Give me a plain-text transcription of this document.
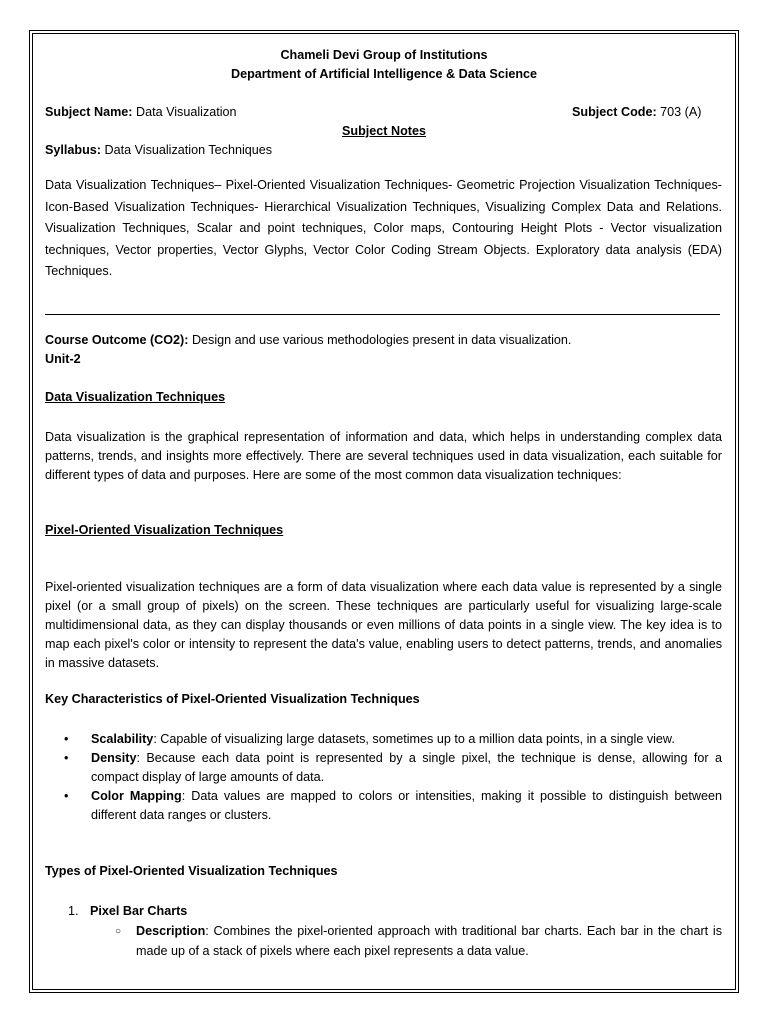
Chameli Devi Group of Institutions
Department of Artificial Intelligence & Data Science
Subject Name: Data Visualization	Subject Code: 703 (A)
Subject Notes
Syllabus: Data Visualization Techniques
Data Visualization Techniques– Pixel-Oriented Visualization Techniques- Geometric Projection Visualization Techniques- Icon-Based Visualization Techniques- Hierarchical Visualization Techniques, Visualizing Complex Data and Relations. Visualization Techniques, Scalar and point techniques, Color maps, Contouring Height Plots - Vector visualization techniques, Vector properties, Vector Glyphs, Vector Color Coding Stream Objects. Exploratory data analysis (EDA) Techniques.
Course Outcome (CO2): Design and use various methodologies present in data visualization.
Unit-2
Data Visualization Techniques
Data visualization is the graphical representation of information and data, which helps in understanding complex data patterns, trends, and insights more effectively. There are several techniques used in data visualization, each suitable for different types of data and purposes. Here are some of the most common data visualization techniques:
Pixel-Oriented Visualization Techniques
Pixel-oriented visualization techniques are a form of data visualization where each data value is represented by a single pixel (or a small group of pixels) on the screen. These techniques are particularly useful for visualizing large-scale multidimensional data, as they can display thousands or even millions of data points in a single view. The key idea is to map each pixel's color or intensity to represent the data's value, enabling users to detect patterns, trends, and anomalies in massive datasets.
Key Characteristics of Pixel-Oriented Visualization Techniques
• Scalability: Capable of visualizing large datasets, sometimes up to a million data points, in a single view.
• Density: Because each data point is represented by a single pixel, the technique is dense, allowing for a compact display of large amounts of data.
• Color Mapping: Data values are mapped to colors or intensities, making it possible to distinguish between different data ranges or clusters.
Types of Pixel-Oriented Visualization Techniques
1. Pixel Bar Charts
○	Description: Combines the pixel-oriented approach with traditional bar charts. Each bar in the chart is made up of a stack of pixels where each pixel represents a data value.
